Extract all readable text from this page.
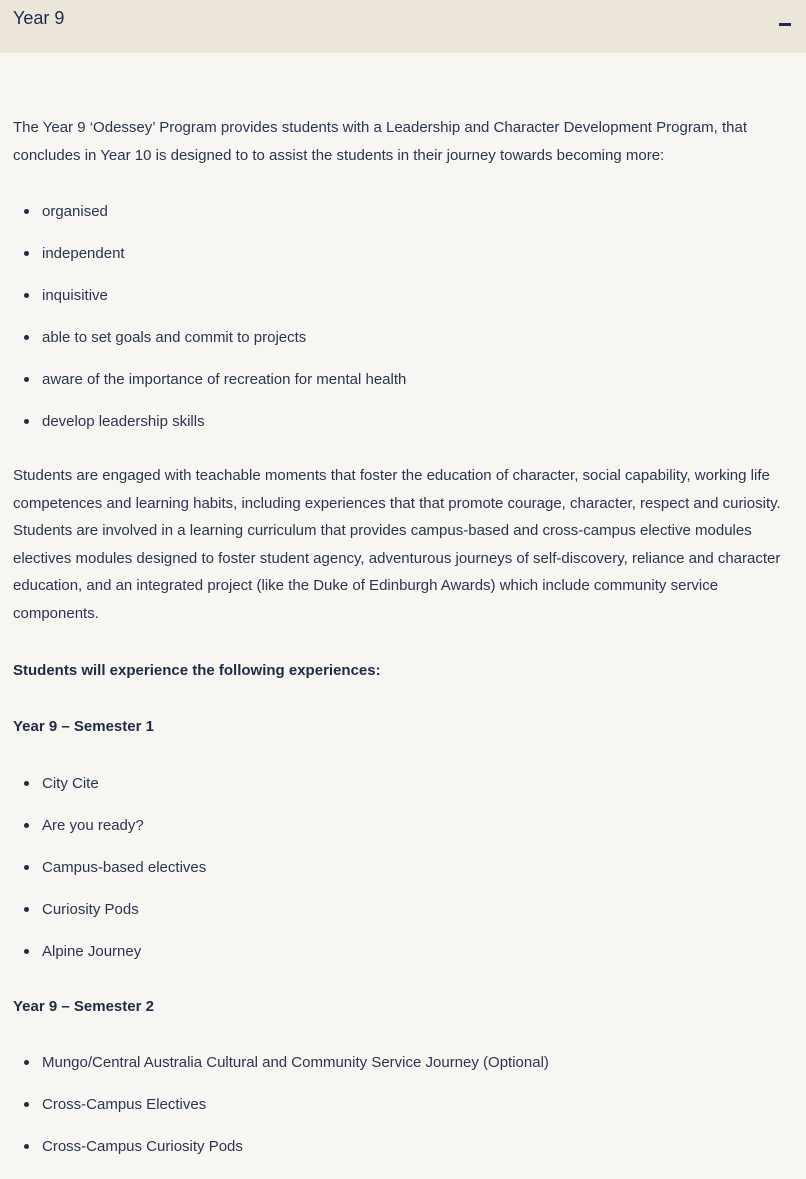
Year 9

The Year 9 ‘Odessey’ Program provides students with a Leadership and Character Development Program, that concludes in Year 10 is designed to to assist the students in their journey towards becoming more:

organised
independent
inquisitive
able to set goals and commit to projects
aware of the importance of recreation for mental health
develop leadership skills

Students are engaged with teachable moments that foster the education of character, social capability, working life competences and learning habits, including experiences that that promote courage, character, respect and curiosity. Students are involved in a learning curriculum that provides campus-based and cross-campus elective modules electives modules designed to foster student agency, adventurous journeys of self-discovery, reliance and character education, and an integrated project (like the Duke of Edinburgh Awards) which include community service components.

Students will experience the following experiences:
Year 9 – Semester 1
City Cite
Are you ready?
Campus-based electives
Curiosity Pods
Alpine Journey
Year 9 – Semester 2
Mungo/Central Australia Cultural and Community Service Journey (Optional)
Cross-Campus Electives
Cross-Campus Curiosity Pods
